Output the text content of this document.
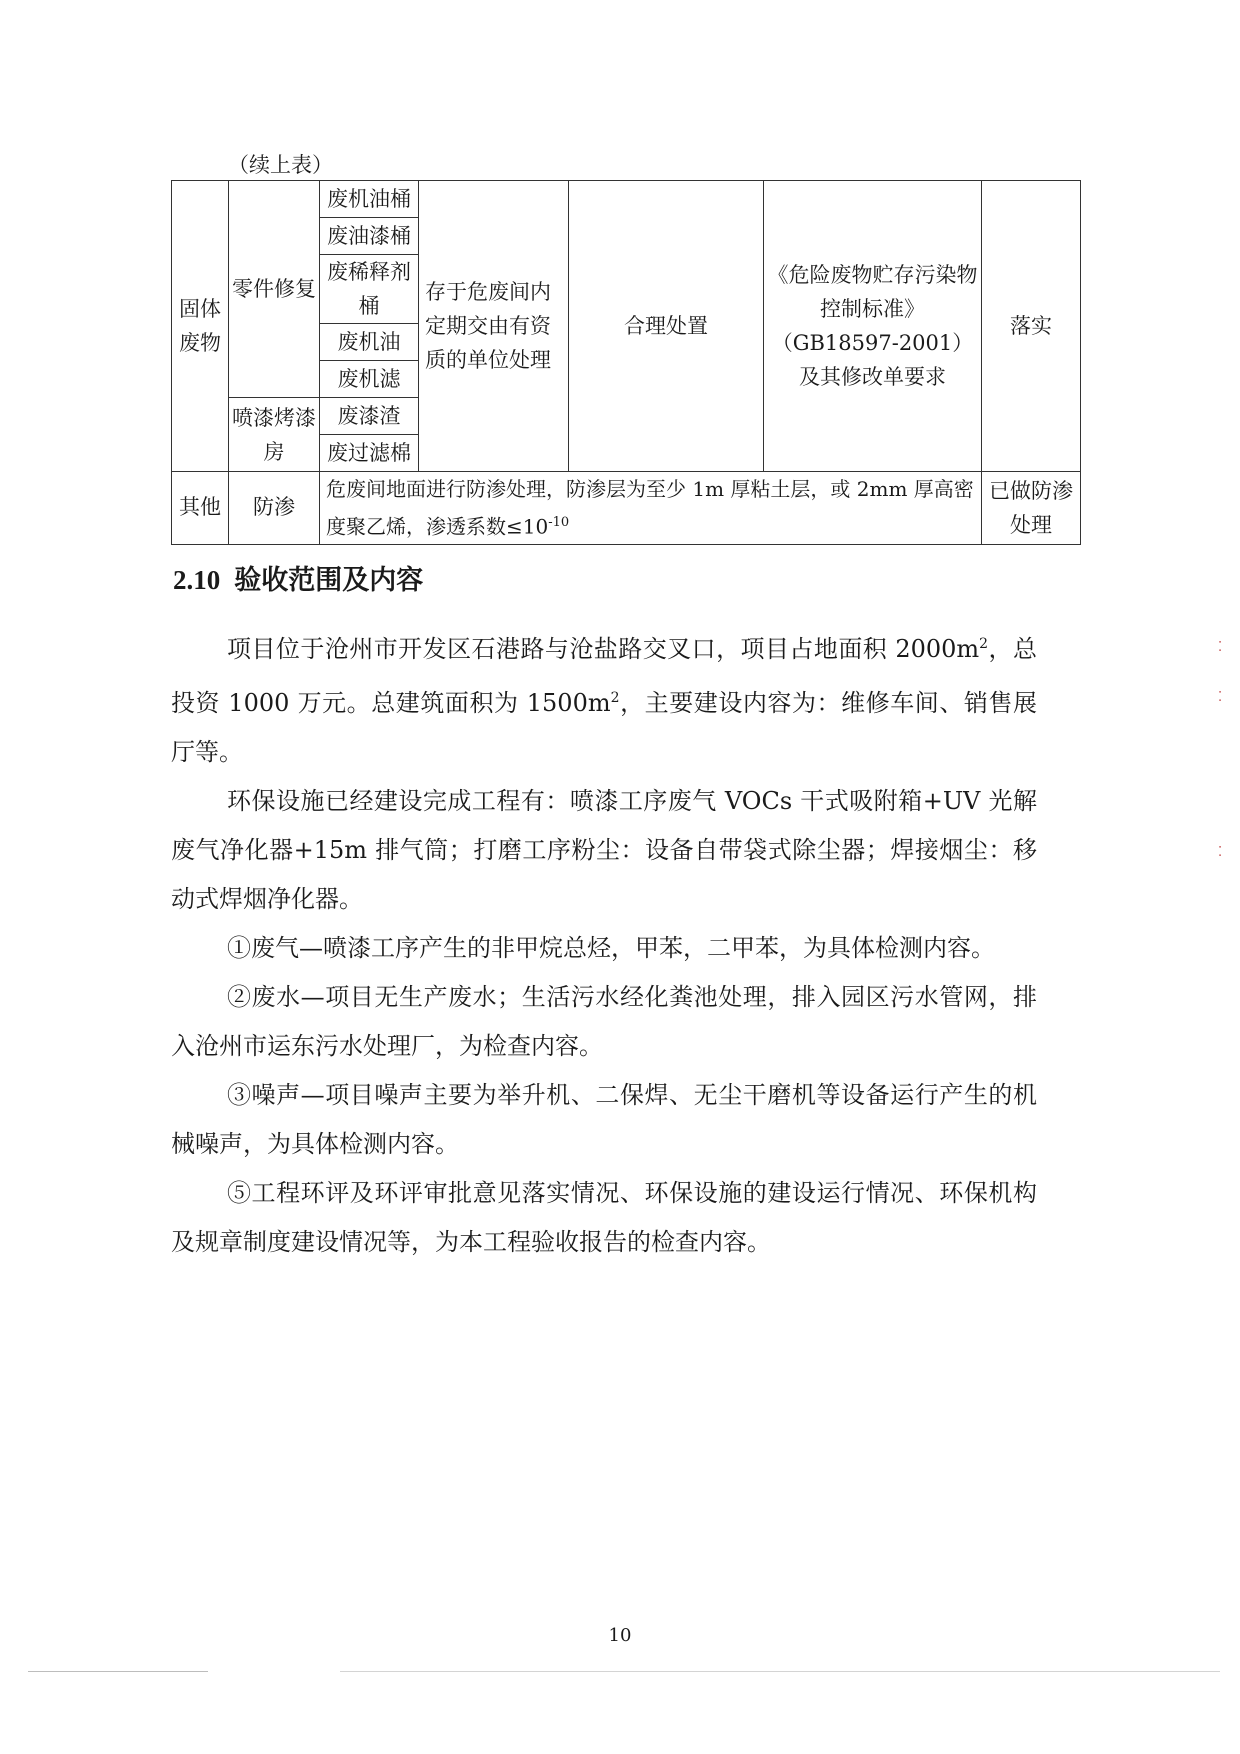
（续上表）
固体废物	零件修复	废机油桶	存于危废间内定期交由有资质的单位处理	合理处置	《危险废物贮存污染物控制标准》（GB18597-2001）及其修改单要求	落实
		废油漆桶				
		废稀释剂桶				

		废机油				
		废机滤				
	喷漆烤漆房	废漆渣				
		废过滤棉				
其他	防渗	危废间地面进行防渗处理，防渗层为至少 1m 厚粘土层，或 2mm 厚高密度聚乙烯，渗透系数$\le 10^{-10}$				已做防渗处理
2.10 验收范围及内容

项目位于沧州市开发区石港路与沧盐路交叉口，项目占地面积 $2000m^2$，总投资 1000 万元。总建筑面积为 $1500m^2$，主要建设内容为：维修车间、销售展厅等。

环保设施已经建设完成工程有：喷漆工序废气 VOCs 干式吸附箱+UV 光解废气净化器+15m 排气筒；打磨工序粉尘：设备自带袋式除尘器；焊接烟尘：移动式焊烟净化器。

①废气—喷漆工序产生的非甲烷总烃，甲苯，二甲苯，为具体检测内容。

②废水—项目无生产废水；生活污水经化粪池处理，排入园区污水管网，排入沧州市运东污水处理厂，为检查内容。

③噪声—项目噪声主要为举升机、二保焊、无尘干磨机等设备运行产生的机械噪声，为具体检测内容。

⑤工程环评及环评审批意见落实情况、环保设施的建设运行情况、环保机构及规章制度建设情况等，为本工程验收报告的检查内容。

10
⁚
⁚
⁚
